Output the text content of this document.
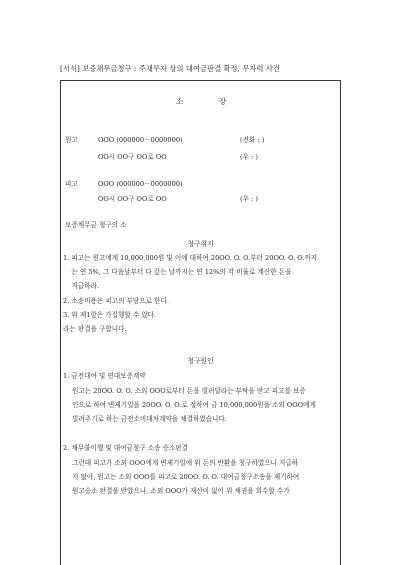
[서식] 보증채무금청구 : 주채무자 상의 대여금판결 확정, 무자력 사건
소	장
원고	OOO (000000－0000000)	(전화 : )
OO시 OO구 OO로 OO	(우 : )
피고	OOO (000000－0000000)
OO시 OO구 OO로 OO	(우 : )
보증채무금 청구의 소
청구취지
1. 피고는 원고에게 10,000,000원 및 이에 대하여 20OO. O. O.부터 20OO. O. O.까지
는 연 5%, 그 다음날부터 다 갚는 날까지는 연 12%의 각 비율로 계산한 돈을
지급하라.
2. 소송비용은 피고의 부담으로 한다.
3. 위 제1항은 가집행할 수 있다.
라는 판결을 구합니다.
청구원인
1. 금전대여 및 연대보증계약
원고는 20OO. O. O. 소외 OOO로부터 돈을 빌려달라는 부탁을 받고 피고를 보증
인으로 하여 변제기일을 20OO. O. O.로 정하여 금 10,000,000원을 소외 OOO에게
빌려주기로 하는 금전소비대차계약을 체결하였습니다.
2. 채무불이행 및 대여금청구 소송 승소판결
그런데 피고가 소외 OOO에게 변제기일에 위 돈의 반환을 청구하였으나 지급하
지 않아, 원고는 소외 OOO를 피고로 20OO. O. O. 대여금청구소송을 제기하여
원고승소 판결을 받았으나, 소외 OOO가 재산이 없어 위 채권을 회수할 수가
